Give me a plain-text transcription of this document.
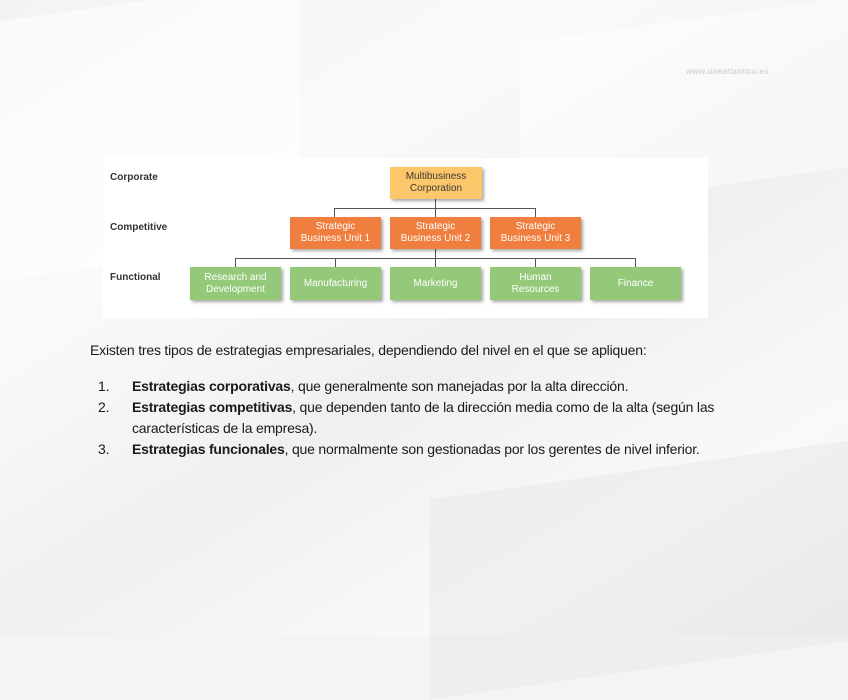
www.uneatlantico.es
Corporate
Competitive
Functional
Multibusiness
Corporation
Strategic
Business Unit 1
Strategic
Business Unit 2
Strategic
Business Unit 3
Research and
Development
Manufacturing	Marketing
Human
Resources
Finance

Existen tres tipos de estrategias empresariales, dependiendo del nivel en el que se apliquen:

1. Estrategias corporativas, que generalmente son manejadas por la alta dirección.
2. Estrategias competitivas, que dependen tanto de la dirección media como de la alta (según las características de la empresa).
3. Estrategias funcionales, que normalmente son gestionadas por los gerentes de nivel inferior.
